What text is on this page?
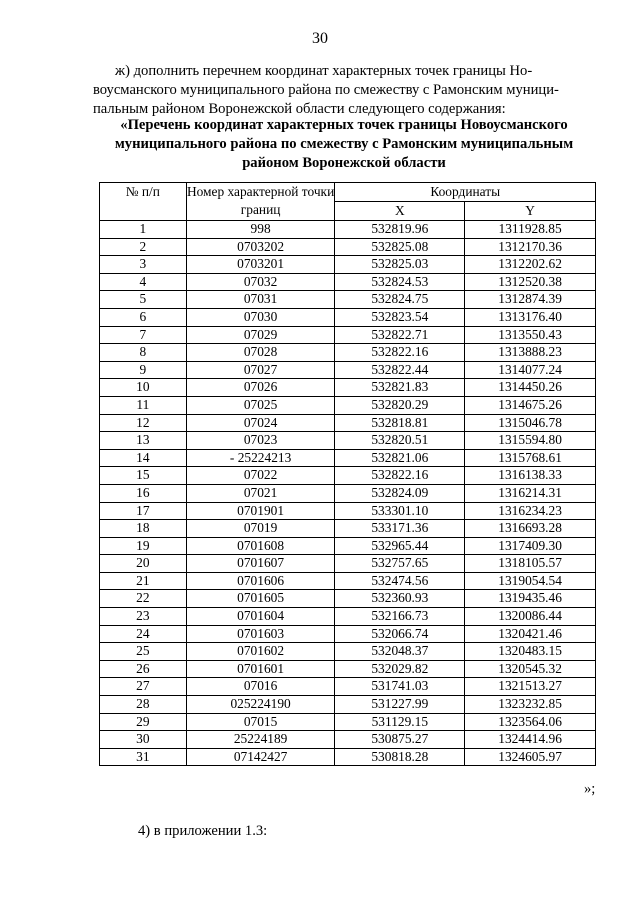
30
ж) дополнить перечнем координат характерных точек границы Но-
воусманского муниципального района по смежеству с Рамонским муници-
пальным районом Воронежской области следующего содержания:
«Перечень координат характерных точек границы Новоусманского
муниципального района по смежеству с Рамонским муниципальным
районом Воронежской области
№ п/п	Номер характерной точки границ	Координаты	
		X	Y
1	998	532819.96	1311928.85
2	0703202	532825.08	1312170.36
3	0703201	532825.03	1312202.62
4	07032	532824.53	1312520.38
5	07031	532824.75	1312874.39
6	07030	532823.54	1313176.40
7	07029	532822.71	1313550.43
8	07028	532822.16	1313888.23
9	07027	532822.44	1314077.24
10	07026	532821.83	1314450.26
11	07025	532820.29	1314675.26
12	07024	532818.81	1315046.78
13	07023	532820.51	1315594.80
14	- 25224213	532821.06	1315768.61
15	07022	532822.16	1316138.33
16	07021	532824.09	1316214.31
17	0701901	533301.10	1316234.23
18	07019	533171.36	1316693.28
19	0701608	532965.44	1317409.30
20	0701607	532757.65	1318105.57
21	0701606	532474.56	1319054.54
22	0701605	532360.93	1319435.46
23	0701604	532166.73	1320086.44
24	0701603	532066.74	1320421.46
25	0701602	532048.37	1320483.15
26	0701601	532029.82	1320545.32
27	07016	531741.03	1321513.27
28	025224190	531227.99	1323232.85
29	07015	531129.15	1323564.06
30	25224189	530875.27	1324414.96
31	07142427	530818.28	1324605.97
»;
4) в приложении 1.3:
